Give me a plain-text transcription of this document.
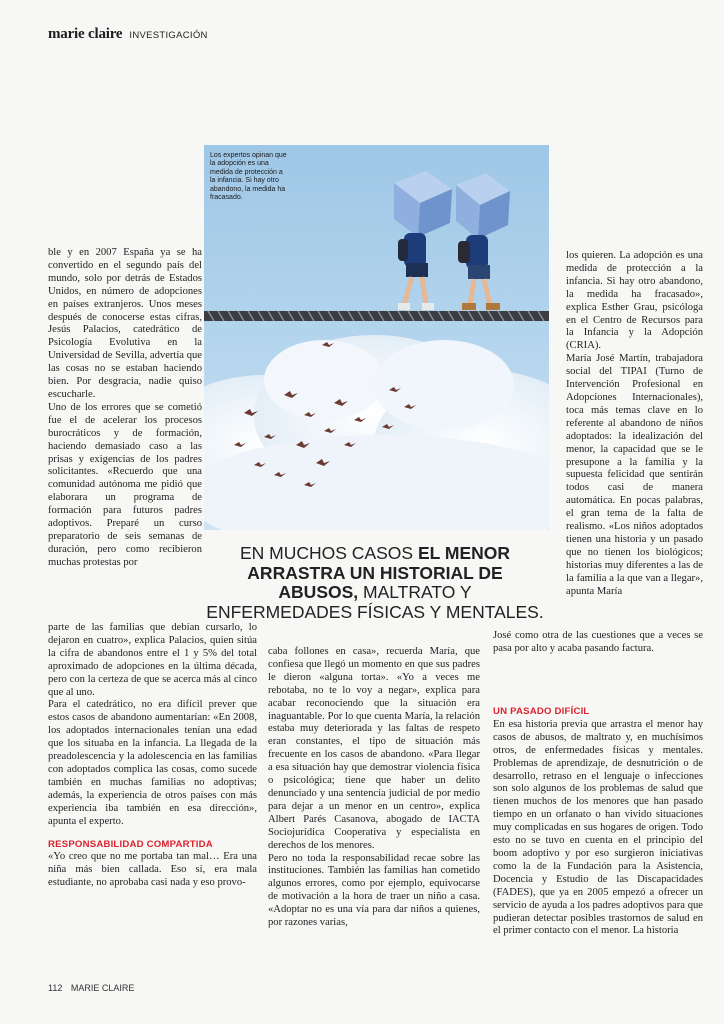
marie claire INVESTIGACIÓN
Los expertos opinan que la adopción es una medida de protección a la infancia. Si hay otro abandono, la medida ha fracasado.

ble y en 2007 España ya se ha convertido en el segundo país del mundo, solo por detrás de Estados Unidos, en número de adopciones en países extranjeros. Unos meses después de conocerse estas cifras, Jesús Palacios, catedrático de Psicología Evolutiva en la Universidad de Sevilla, advertía que las cosas no se estaban haciendo bien. Por desgracia, nadie quiso escucharle.

Uno de los errores que se cometió fue el de acelerar los procesos burocráticos y de formación, haciendo demasiado caso a las prisas y exigencias de los padres solicitantes. «Recuerdo que una comunidad autónoma me pidió que elaborara un programa de formación para futuros padres adoptivos. Preparé un curso preparatorio de seis semanas de duración, pero como recibieron muchas protestas por	EN MUCHOS CASOS EL MENOR
ARRASTRA UN HISTORIAL DE
ABUSOS, MALTRATO Y
ENFERMEDADES FÍSICAS Y MENTALES.

parte de las familias que debían cursarlo, lo dejaron en cuatro», explica Palacios, quien sitúa la cifra de abandonos entre el 1 y 5% del total aproximado de adopciones en la última década, pero con la certeza de que se acerca más al cinco que al uno.

Para el catedrático, no era difícil prever que estos casos de abandono aumentarían: «En 2008, los adoptados internacionales tenían una edad que los situaba en la infancia. La llegada de la preadolescencia y la adolescencia en las familias con adoptados complica las cosas, como sucede también en muchas familias no adoptivas; además, la experiencia de otros países con más experiencia iba también en esa dirección», apunta el experto.

RESPONSABILIDAD COMPARTIDA

«Yo creo que no me portaba tan mal… Era una niña más bien callada. Eso sí, era mala estudiante, no aprobaba casi nada y eso provo-

caba follones en casa», recuerda María, que confiesa que llegó un momento en que sus padres le dieron «alguna torta». «Yo a veces me rebotaba, no te lo voy a negar», explica para acabar reconociendo que la situación era inaguantable. Por lo que cuenta María, la relación estaba muy deteriorada y las faltas de respeto eran constantes, el tipo de situación más frecuente en los casos de abandono. «Para llegar a esa situación hay que demostrar violencia física o psicológica; tiene que haber un delito denunciado y una sentencia judicial de por medio para dejar a un menor en un centro», explica Albert Parés Casanova, abogado de IACTA Sociojurídica Cooperativa y especialista en derechos de los menores.

Pero no toda la responsabilidad recae sobre las instituciones. También las familias han cometido algunos errores, como por ejemplo, equivocarse de motivación a la hora de traer un niño a casa. «Adoptar no es una vía para dar niños a quienes, por razones varias,

los quieren. La adopción es una medida de protección a la infancia. Si hay otro abandono, la medida ha fracasado», explica Esther Grau, psicóloga en el Centro de Recursos para la Infancia y la Adopción (CRIA).

María José Martín, trabajadora social del TIPAI (Turno de Intervención Profesional en Adopciones Internacionales), toca más temas clave en lo referente al abandono de niños adoptados: la idealización del menor, la capacidad que se le presupone a la familia y la supuesta felicidad que sentirán todos casi de manera automática. En pocas palabras, el gran tema de la falta de realismo. «Los niños adoptados tienen una historia y un pasado que no tienen los biológicos; historias muy diferentes a las de la familia a la que van a llegar», apunta María

José como otra de las cuestiones que a veces se pasa por alto y acaba pasando factura.

UN PASADO DIFÍCIL

En esa historia previa que arrastra el menor hay casos de abusos, de maltrato y, en muchísimos otros, de enfermedades físicas y mentales. Problemas de aprendizaje, de desnutrición o de desarrollo, retraso en el lenguaje o infecciones son solo algunos de los problemas de salud que tienen muchos de los menores que han pasado tiempo en un orfanato o han vivido situaciones muy complicadas en sus hogares de origen. Todo esto no se tuvo en cuenta en el principio del boom adoptivo y por eso surgieron iniciativas como la de la Fundación para la Asistencia, Docencia y Estudio de las Discapacidades (FADES), que ya en 2005 empezó a ofrecer un servicio de ayuda a los padres adoptivos para que pudieran detectar posibles trastornos de salud en el primer contacto con el menor. La historia

112 MARIE CLAIRE
